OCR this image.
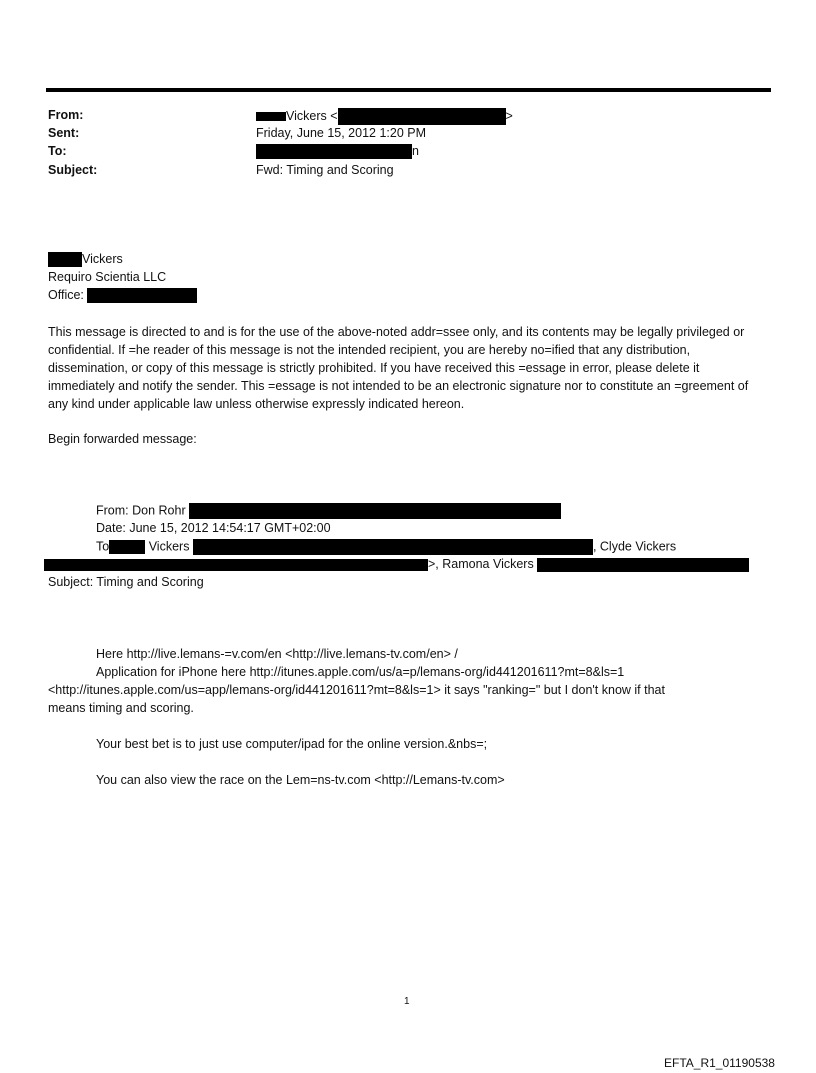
From:	Vickers <	>
Sent:	Friday, June 15, 2012 1:20 PM
To:	n
Subject:	Fwd: Timing and Scoring
Vickers
Requiro Scientia LLC
Office:
This message is directed to and is for the use of the above-noted addr=ssee only, and its contents may be legally privileged or confidential. If =he reader of this message is not the intended recipient, you are hereby no=ified that any distribution, dissemination, or copy of this message is strictly prohibited. If you have received this =essage in error, please delete it immediately and notify the sender. This =essage is not intended to be an electronic signature nor to constitute an =greement of any kind under applicable law unless otherwise expressly indicated hereon.
Begin forwarded message:
From: Don Rohr
Date: June 15, 2012 14:54:17 GMT+02:00
To	Vickers	, Clyde Vickers
>, Ramona Vickers
Subject: Timing and Scoring
Here http://live.lemans-=v.com/en <http://live.lemans-tv.com/en> /
Application for iPhone here http://itunes.apple.com/us/a=p/lemans-org/id441201611?mt=8&ls=1
<http://itunes.apple.com/us=app/lemans-org/id441201611?mt=8&ls=1> it says "ranking=" but I don't know if that
means timing and scoring.
Your best bet is to just use computer/ipad for the online version.&nbs=;
You can also view the race on the Lem=ns-tv.com <http://Lemans-tv.com>
1
EFTA_R1_01190538
